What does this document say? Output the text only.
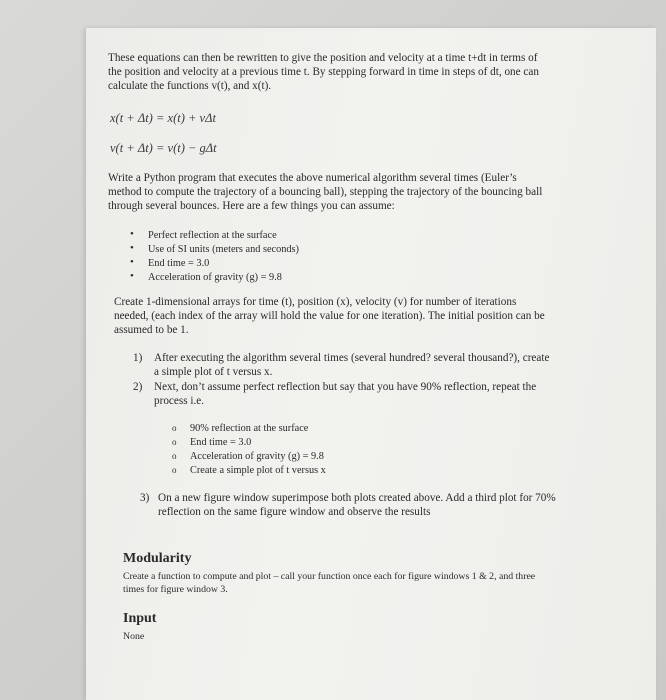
These equations can then be rewritten to give the position and velocity at a time t+dt in terms of
the position and velocity at a previous time t. By stepping forward in time in steps of dt, one can
calculate the functions v(t), and x(t).
x(t + Δt) = x(t) + vΔt
v(t + Δt) = v(t) − gΔt
Write a Python program that executes the above numerical algorithm several times (Euler’s
method to compute the trajectory of a bouncing ball), stepping the trajectory of the bouncing ball
through several bounces. Here are a few things you can assume:
• Perfect reflection at the surface
• Use of SI units (meters and seconds)
• End time = 3.0
• Acceleration of gravity (g) = 9.8
Create 1-dimensional arrays for time (t), position (x), velocity (v) for number of iterations
needed, (each index of the array will hold the value for one iteration). The initial position can be
assumed to be 1.
1) After executing the algorithm several times (several hundred? several thousand?), create
a simple plot of t versus x.
2) Next, don’t assume perfect reflection but say that you have 90% reflection, repeat the
process i.e.
o 90% reflection at the surface
o End time = 3.0
o Acceleration of gravity (g) = 9.8
o Create a simple plot of t versus x
3) On a new figure window superimpose both plots created above. Add a third plot for 70%
reflection on the same figure window and observe the results
Modularity
Create a function to compute and plot – call your function once each for figure windows 1 & 2, and three
times for figure window 3.
Input
None
